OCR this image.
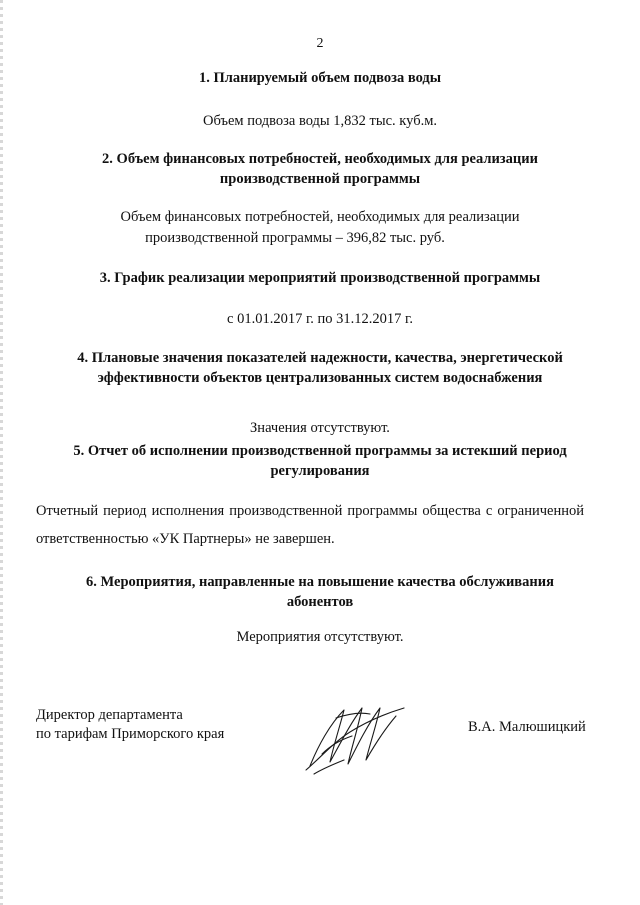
2
1. Планируемый объем подвоза воды
Объем подвоза воды 1,832 тыс. куб.м.
2. Объем финансовых потребностей, необходимых для реализации
производственной программы
Объем финансовых потребностей, необходимых для реализации
производственной программы – 396,82 тыс. руб.
3. График реализации мероприятий производственной программы
с 01.01.2017 г. по 31.12.2017 г.
4. Плановые значения показателей надежности, качества, энергетической
эффективности объектов централизованных систем водоснабжения
Значения отсутствуют.
5. Отчет об исполнении производственной программы за истекший период
регулирования
Отчетный период исполнения производственной программы общества с ограниченной ответственностью «УК Партнеры» не завершен.
6. Мероприятия, направленные на повышение качества обслуживания
абонентов
Мероприятия отсутствуют.
Директор департамента
по тарифам Приморского края	В.А. Малюшицкий
